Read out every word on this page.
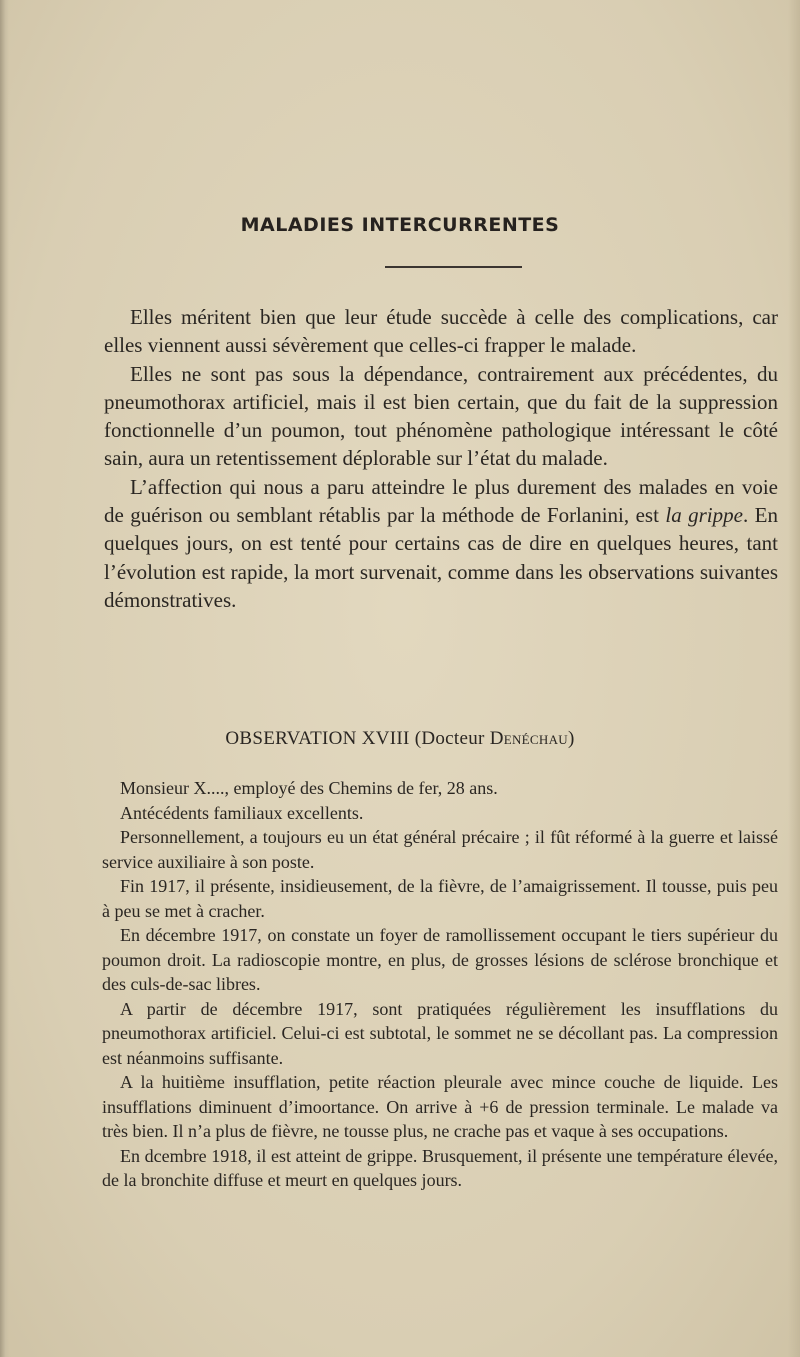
MALADIES INTERCURRENTES

Elles méritent bien que leur étude succède à celle des complications, car elles viennent aussi sévèrement que celles-ci frapper le malade.

Elles ne sont pas sous la dépendance, contrairement aux précédentes, du pneumothorax artificiel, mais il est bien certain, que du fait de la suppression fonctionnelle d’un poumon, tout phénomène pathologique intéressant le côté sain, aura un retentissement déplorable sur l’état du malade.

L’affection qui nous a paru atteindre le plus durement des malades en voie de guérison ou semblant rétablis par la méthode de Forlanini, est la grippe. En quelques jours, on est tenté pour certains cas de dire en quelques heures, tant l’évolution est rapide, la mort survenait, comme dans les observations suivantes démonstratives.

OBSERVATION XVIII (Docteur Denéchau)

Monsieur X...., employé des Chemins de fer, 28 ans.

Antécédents familiaux excellents.

Personnellement, a toujours eu un état général précaire ; il fût réformé à la guerre et laissé service auxiliaire à son poste.

Fin 1917, il présente, insidieusement, de la fièvre, de l’amaigrissement. Il tousse, puis peu à peu se met à cracher.

En décembre 1917, on constate un foyer de ramollissement occupant le tiers supérieur du poumon droit. La radioscopie montre, en plus, de grosses lésions de sclérose bronchique et des culs-de-sac libres.

A partir de décembre 1917, sont pratiquées régulièrement les insufflations du pneumothorax artificiel. Celui-ci est subtotal, le sommet ne se décollant pas. La compression est néanmoins suffisante.

A la huitième insufflation, petite réaction pleurale avec mince couche de liquide. Les insufflations diminuent d’imoortance. On arrive à +6 de pression terminale. Le malade va très bien. Il n’a plus de fièvre, ne tousse plus, ne crache pas et vaque à ses occupations.

En dcembre 1918, il est atteint de grippe. Brusquement, il présente une température élevée, de la bronchite diffuse et meurt en quelques jours.
